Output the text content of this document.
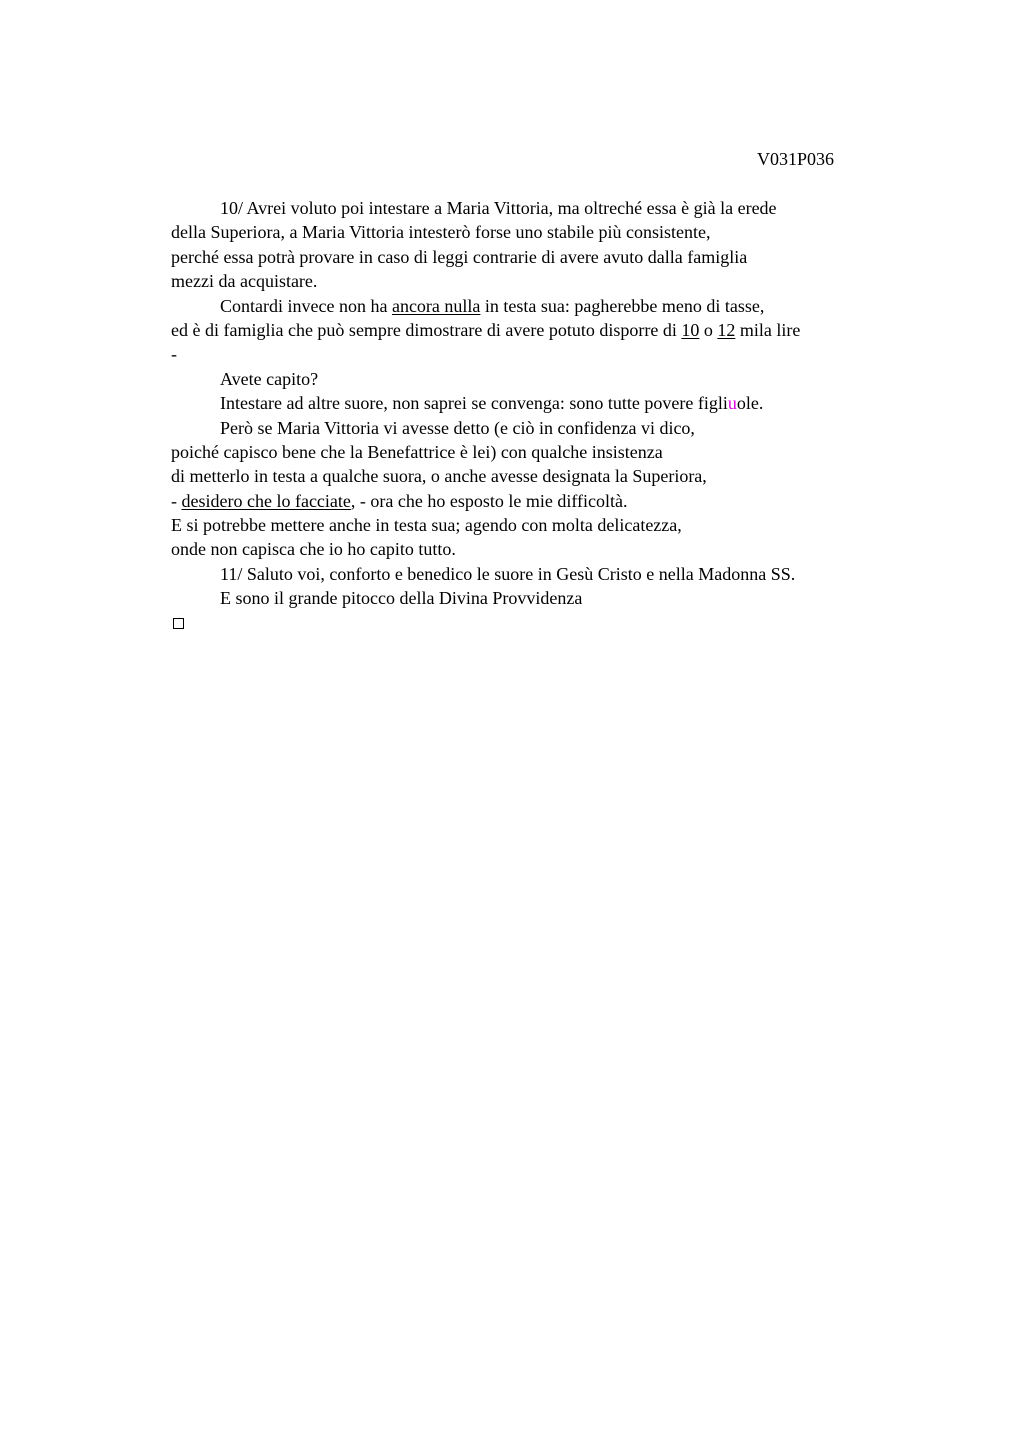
V031P036
10/ Avrei voluto poi intestare a Maria Vittoria, ma oltreché essa è già la erede
della Superiora, a Maria Vittoria intesterò forse uno stabile più consistente,
perché essa potrà provare in caso di leggi contrarie di avere avuto dalla famiglia
mezzi da acquistare.
Contardi invece non ha ancora nulla in testa sua: pagherebbe meno di tasse,
ed è di famiglia che può sempre dimostrare di avere potuto disporre di 10 o 12 mila lire
-
Avete capito?
Intestare ad altre suore, non saprei se convenga: sono tutte povere figliuole.
Però se Maria Vittoria vi avesse detto (e ciò in confidenza vi dico,
poiché capisco bene che la Benefattrice è lei) con qualche insistenza
di metterlo in testa a qualche suora, o anche avesse designata la Superiora,
- desidero che lo facciate, - ora che ho esposto le mie difficoltà.
E si potrebbe mettere anche in testa sua; agendo con molta delicatezza,
onde non capisca che io ho capito tutto.
11/ Saluto voi, conforto e benedico le suore in Gesù Cristo e nella Madonna SS.
E sono il grande pitocco della Divina Provvidenza
